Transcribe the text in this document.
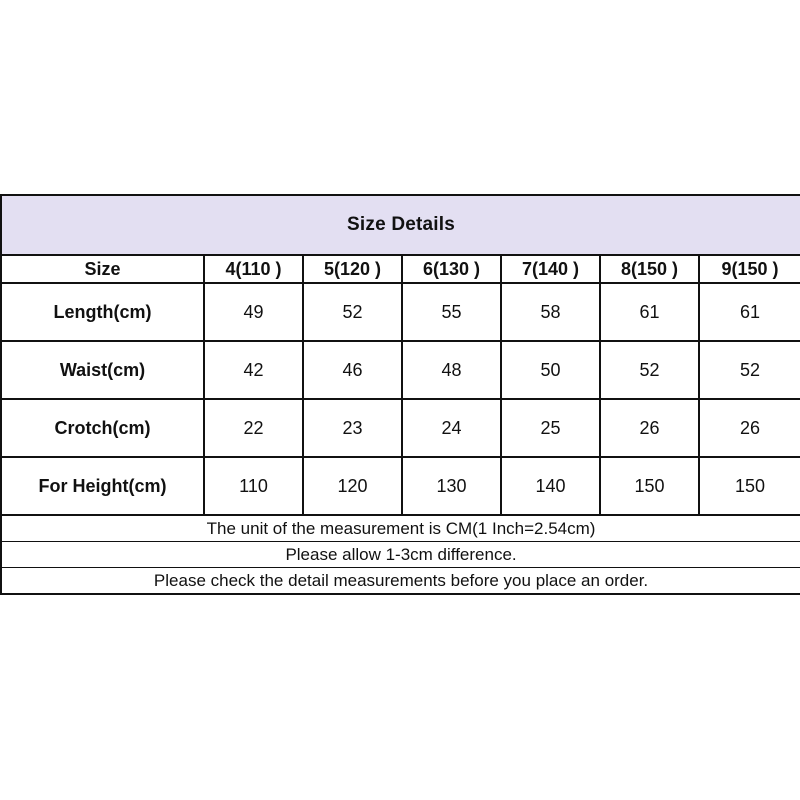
Size Details						
Size	4(110 )	5(120 )	6(130 )	7(140 )	8(150 )	9(150 )
Length(cm)	49	52	55	58	61	61
Waist(cm)	42	46	48	50	52	52
Crotch(cm)	22	23	24	25	26	26
For Height(cm)	110	120	130	140	150	150
The unit of the measurement is CM(1 Inch=2.54cm)						
Please allow 1-3cm difference.						
Please check the detail measurements before you place an order.						
